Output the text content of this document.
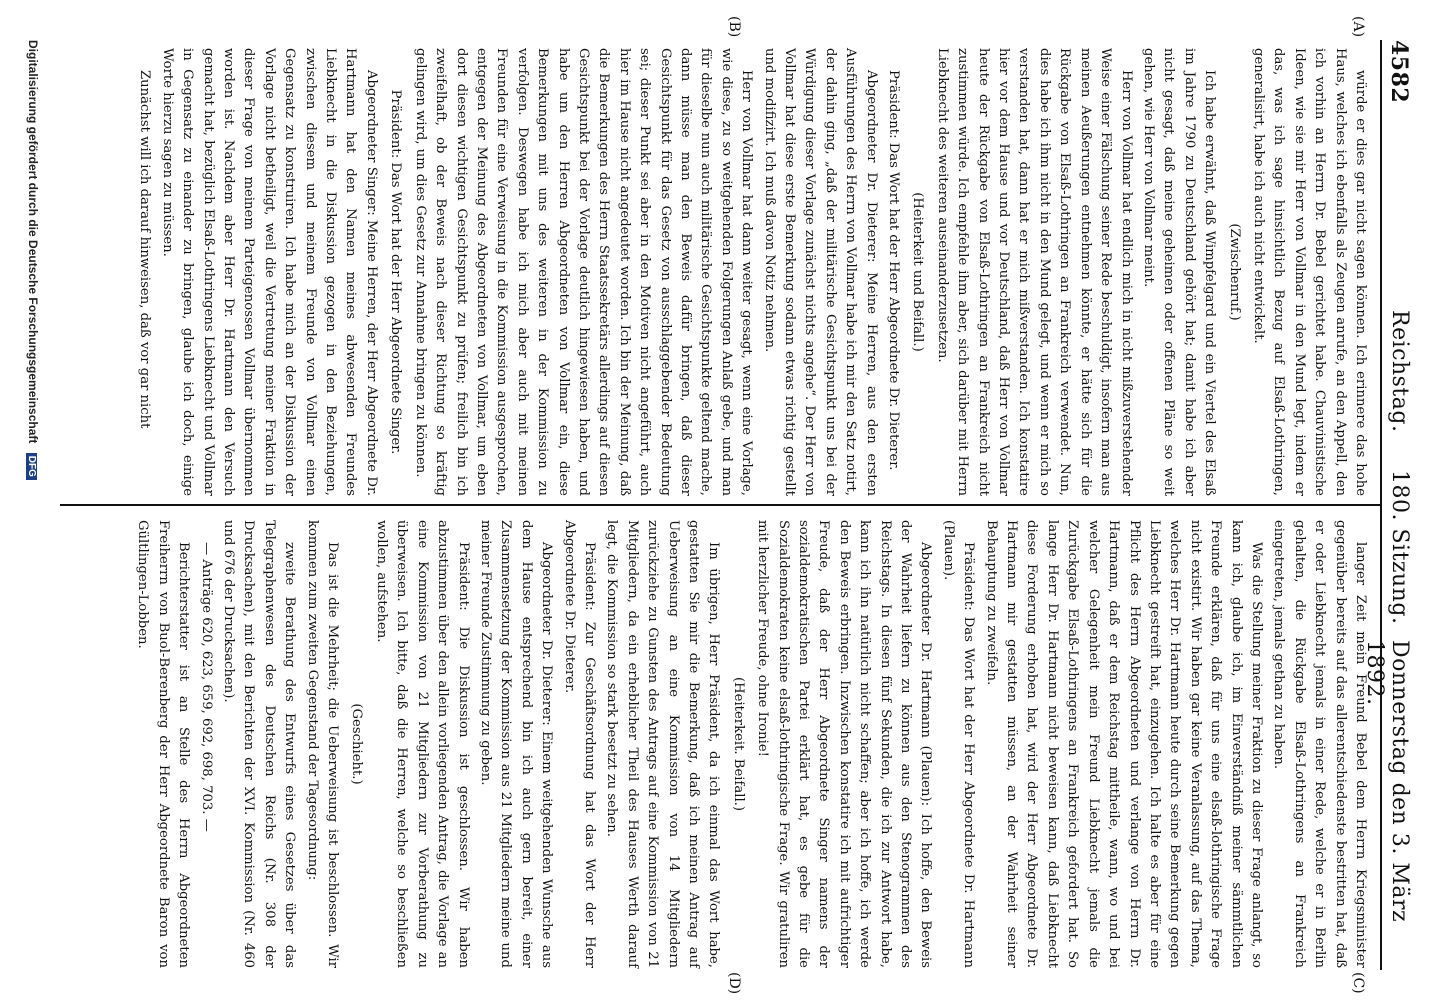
4582
Reichstag.
180. Sitzung.
Donnerstag den 3. März 1892.
(A)
(B)
(C)
(D)

würde er dies gar nicht sagen können. Ich erinnere das hohe Haus, welches ich ebenfalls als Zeugen anrufe, an den Appell, den ich vorhin an Herrn Dr. Bebel gerichtet habe. Chauvinistische Ideen, wie sie mir Herr von Vollmar in den Mund legt, indem er das, was ich sage hinsichtlich Bezug auf Elsaß-Lothringen, generalisirt, habe ich auch nicht entwickelt.

(Zwischenruf.)

Ich habe erwähnt, daß Wimpfelgard und ein Viertel des Elsaß im Jahre 1790 zu Deutschland gehört hat; damit habe ich aber nicht gesagt, daß meine geheimen oder offenen Pläne so weit gehen, wie Herr von Vollmar meint.

Herr von Vollmar hat endlich mich in nicht mißzuverstehender Weise einer Fälschung seiner Rede beschuldigt, insofern man aus meinen Aeußerungen entnehmen könnte, er hätte sich für die Rückgabe von Elsaß-Lothringen an Frankreich verwendet. Nun, dies habe ich ihm nicht in den Mund gelegt, und wenn er mich so verstanden hat, dann hat er mich mißverstanden. Ich konstatire hier vor dem Hause und vor Deutschland, daß Herr von Vollmar heute der Rückgabe von Elsaß-Lothringen an Frankreich nicht zustimmen würde. Ich empfehle ihm aber, sich darüber mit Herrn Liebknecht des weiteren auseinanderzusetzen.

(Heiterkeit und Beifall.)

Präsident: Das Wort hat der Herr Abgeordnete Dr. Dieterer.

Abgeordneter Dr. Dieterer: Meine Herren, aus den ersten Ausführungen des Herrn von Vollmar habe ich mir den Satz notirt, der dahin ging, „daß der militärische Gesichtspunkt uns bei der Würdigung dieser Vorlage zunächst nichts angehe“. Der Herr von Vollmar hat diese erste Bemerkung sodann etwas richtig gestellt und modifizirt. Ich muß davon Notiz nehmen.

Herr von Vollmar hat dann weiter gesagt, wenn eine Vorlage, wie diese, zu so weitgehenden Folgerungen Anlaß gebe, und man für dieselbe nun auch militärische Gesichtspunkte geltend mache, dann müsse man den Beweis dafür bringen, daß dieser Gesichtspunkt für das Gesetz von ausschlaggebender Bedeutung sei; dieser Punkt sei aber in den Motiven nicht angeführt, auch hier im Hause nicht angedeutet worden. Ich bin der Meinung, daß die Bemerkungen des Herrn Staatssekretärs allerdings auf diesen Gesichtspunkt bei der Vorlage deutlich hingewiesen haben, und habe um den Herren Abgeordneten von Vollmar ein, diese Bemerkungen mit uns des weiteren in der Kommission zu verfolgen. Deswegen habe ich mich aber auch mit meinen Freunden für eine Verweisung in die Kommission ausgesprochen, entgegen der Meinung des Abgeordneten von Vollmar, um eben dort diesen wichtigen Gesichtspunkt zu prüfen; freilich bin ich zweifelhaft, ob der Beweis nach dieser Richtung so kräftig gelingen wird, um dies Gesetz zur Annahme bringen zu können.

Präsident: Das Wort hat der Herr Abgeordnete Singer.

Abgeordneter Singer: Meine Herren, der Herr Abgeordnete Dr. Hartmann hat den Namen meines abwesenden Freundes Liebknecht in die Diskussion gezogen in den Beziehungen, zwischen diesem und meinem Freunde von Vollmar einen Gegensatz zu konstruiren. Ich habe mich an der Diskussion der Vorlage nicht betheiligt, weil die Vertretung meiner Fraktion in dieser Frage von meinem Parteigenossen Vollmar übernommen worden ist. Nachdem aber Herr Dr. Hartmann den Versuch gemacht hat, bezüglich Elsaß-Lothringens Liebknecht und Vollmar in Gegensatz zu einander zu bringen, glaube ich doch, einige Worte hierzu sagen zu müssen.

Zunächst will ich darauf hinweisen, daß vor gar nicht

langer Zeit mein Freund Bebel dem Herrn Kriegsminister gegenüber bereits auf das allerentschiedenste bestritten hat, daß er oder Liebknecht jemals in einer Rede, welche er in Berlin gehalten, die Rückgabe Elsaß-Lothringens an Frankreich eingetreten, jemals gethan zu haben.

Was die Stellung meiner Fraktion zu dieser Frage anlangt, so kann ich, glaube ich, im Einverständniß meiner sämmtlichen Freunde erklären, daß für uns eine elsaß-lothringische Frage nicht existirt. Wir haben gar keine Veranlassung, auf das Thema, welches Herr Dr. Hartmann heute durch seine Bemerkung gegen Liebknecht gestreift hat, einzugehen. Ich halte es aber für eine Pflicht des Herrn Abgeordneten und verlange von Herrn Dr. Hartmann, daß er dem Reichstag mittheile, wann, wo und bei welcher Gelegenheit mein Freund Liebknecht jemals die Zurückgabe Elsaß-Lothringens an Frankreich gefordert hat. So lange Herr Dr. Hartmann nicht beweisen kann, daß Liebknecht diese Forderung erhoben hat, wird der Herr Abgeordnete Dr. Hartmann mir gestatten müssen, an der Wahrheit seiner Behauptung zu zweifeln.

Präsident: Das Wort hat der Herr Abgeordnete Dr. Hartmann (Plauen).

Abgeordneter Dr. Hartmann (Plauen): Ich hoffe, den Beweis der Wahrheit liefern zu können aus den Stenogrammen des Reichstags. In diesen fünf Sekunden, die ich zur Antwort habe, kann ich ihn natürlich nicht schaffen; aber ich hoffe, ich werde den Beweis erbringen. Inzwischen konstatire ich mit aufrichtiger Freude, daß der Herr Abgeordnete Singer namens der sozialdemokratischen Partei erklärt hat, es gebe für die Sozialdemokraten keine elsaß-lothringische Frage. Wir gratuliren mit herzlicher Freude, ohne Ironie!

(Heiterkeit. Beifall.)

Im übrigen, Herr Präsident, da ich einmal das Wort habe, gestatten Sie mir die Bemerkung, daß ich meinen Antrag auf Ueberweisung an eine Kommission von 14 Mitgliedern zurückziehe zu Gunsten des Antrags auf eine Kommission von 21 Mitgliedern, da ein erheblicher Theil des Hauses Werth darauf legt, die Kommission so stark besetzt zu sehen.

Präsident: Zur Geschäftsordnung hat das Wort der Herr Abgeordnete Dr. Dieterer.

Abgeordneter Dr. Dieterer: Einem weitgehenden Wunsche aus dem Hause entsprechend bin ich auch gern bereit, einer Zusammensetzung der Kommission aus 21 Mitgliedern meine und meiner Freunde Zustimmung zu geben.

Präsident: Die Diskussion ist geschlossen. Wir haben abzustimmen über den allein vorliegenden Antrag, die Vorlage an eine Kommission von 21 Mitgliedern zur Vorberathung zu überweisen. Ich bitte, daß die Herren, welche so beschließen wollen, aufstehen.

(Geschieht.)

Das ist die Mehrheit; die Ueberweisung ist beschlossen. Wir kommen zum zweiten Gegenstand der Tagesordnung:

zweite Berathung des Entwurfs eines Gesetzes über das Telegraphenwesen des Deutschen Reichs (Nr. 308 der Drucksachen), mit den Berichten der XVI. Kommission (Nr. 460 und 676 der Drucksachen).

— Anträge 620, 623, 659, 692, 698, 703. —

Berichterstatter ist an Stelle des Herrn Abgeordneten Freiherrn von Buol-Berenberg der Herr Abgeordnete Baron von Gültlingen-Lobben.

Digitalisierung gefördert durch die Deutsche Forschungsgemeinschaft DFG
